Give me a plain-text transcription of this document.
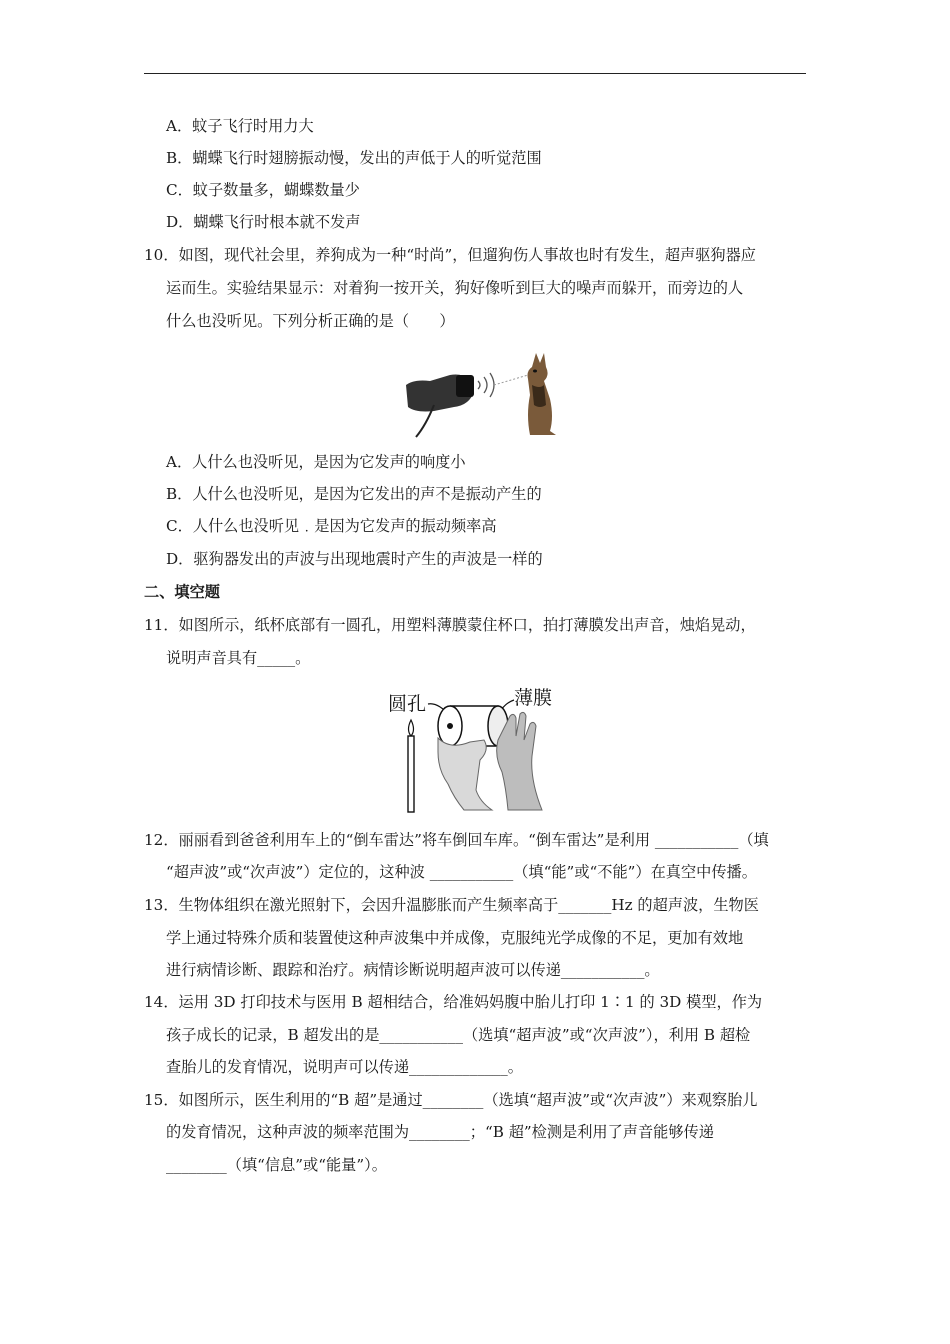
A．蚊子飞行时用力大
B．蝴蝶飞行时翅膀振动慢，发出的声低于人的听觉范围
C．蚊子数量多，蝴蝶数量少
D．蝴蝶飞行时根本就不发声
10．如图，现代社会里，养狗成为一种“时尚”，但遛狗伤人事故也时有发生，超声驱狗器应
运而生。实验结果显示：对着狗一按开关，狗好像听到巨大的噪声而躲开，而旁边的人
什么也没听见。下列分析正确的是（　　）
A．人什么也没听见，是因为它发声的响度小
B．人什么也没听见，是因为它发出的声不是振动产生的
C．人什么也没听见﹒是因为它发声的振动频率高
D．驱狗器发出的声波与出现地震时产生的声波是一样的
二、填空题
11．如图所示，纸杯底部有一圆孔，用塑料薄膜蒙住杯口，拍打薄膜发出声音，烛焰晃动，
说明声音具有_____。
圆孔	薄膜
12．丽丽看到爸爸利用车上的“倒车雷达”将车倒回车库。“倒车雷达”是利用 ___________（填
“超声波”或“次声波”）定位的，这种波 ___________（填“能”或“不能”）在真空中传播。
13．生物体组织在激光照射下，会因升温膨胀而产生频率高于_______Hz 的超声波，生物医
学上通过特殊介质和装置使这种声波集中并成像，克服纯光学成像的不足，更加有效地
进行病情诊断、跟踪和治疗。病情诊断说明超声波可以传递___________。
14．运用 3D 打印技术与医用 B 超相结合，给准妈妈腹中胎儿打印 1∶1 的 3D 模型，作为
孩子成长的记录，B 超发出的是___________（选填“超声波”或“次声波”），利用 B 超检
查胎儿的发育情况，说明声可以传递_____________。
15．如图所示，医生利用的“B 超”是通过________（选填“超声波”或“次声波”）来观察胎儿
的发育情况，这种声波的频率范围为________；“B 超”检测是利用了声音能够传递
________（填“信息”或“能量”）。
